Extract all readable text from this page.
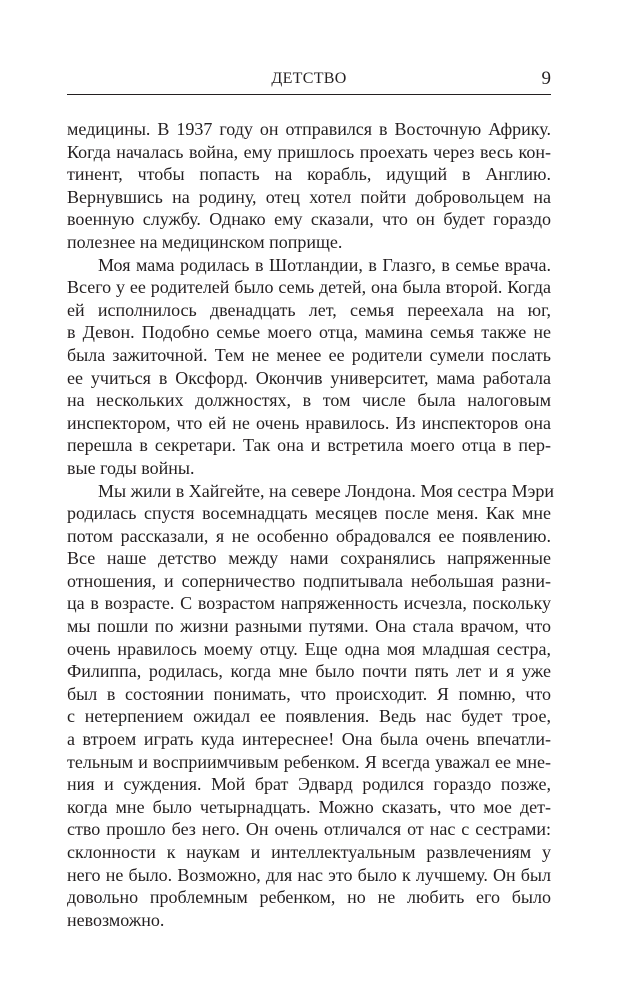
ДЕТСТВО	9
медицины. В 1937 году он отправился в Восточную Африку.
Когда началась война, ему пришлось проехать через весь кон-
тинент, чтобы попасть на корабль, идущий в Англию.
Вернувшись на родину, отец хотел пойти добровольцем на
военную службу. Однако ему сказали, что он будет гораздо
полезнее на медицинском поприще.
Моя мама родилась в Шотландии, в Глазго, в семье врача.
Всего у ее родителей было семь детей, она была второй. Когда
ей исполнилось двенадцать лет, семья переехала на юг,
в Девон. Подобно семье моего отца, мамина семья также не
была зажиточной. Тем не менее ее родители сумели послать
ее учиться в Оксфорд. Окончив университет, мама работала
на нескольких должностях, в том числе была налоговым
инспектором, что ей не очень нравилось. Из инспекторов она
перешла в секретари. Так она и встретила моего отца в пер-
вые годы войны.
Мы жили в Хайгейте, на севере Лондона. Моя сестра Мэри
родилась спустя восемнадцать месяцев после меня. Как мне
потом рассказали, я не особенно обрадовался ее появлению.
Все наше детство между нами сохранялись напряженные
отношения, и соперничество подпитывала небольшая разни-
ца в возрасте. С возрастом напряженность исчезла, поскольку
мы пошли по жизни разными путями. Она стала врачом, что
очень нравилось моему отцу. Еще одна моя младшая сестра,
Филиппа, родилась, когда мне было почти пять лет и я уже
был в состоянии понимать, что происходит. Я помню, что
с нетерпением ожидал ее появления. Ведь нас будет трое,
а втроем играть куда интереснее! Она была очень впечатли-
тельным и восприимчивым ребенком. Я всегда уважал ее мне-
ния и суждения. Мой брат Эдвард родился гораздо позже,
когда мне было четырнадцать. Можно сказать, что мое дет-
ство прошло без него. Он очень отличался от нас с сестрами:
склонности к наукам и интеллектуальным развлечениям у
него не было. Возможно, для нас это было к лучшему. Он был
довольно проблемным ребенком, но не любить его было
невозможно.
